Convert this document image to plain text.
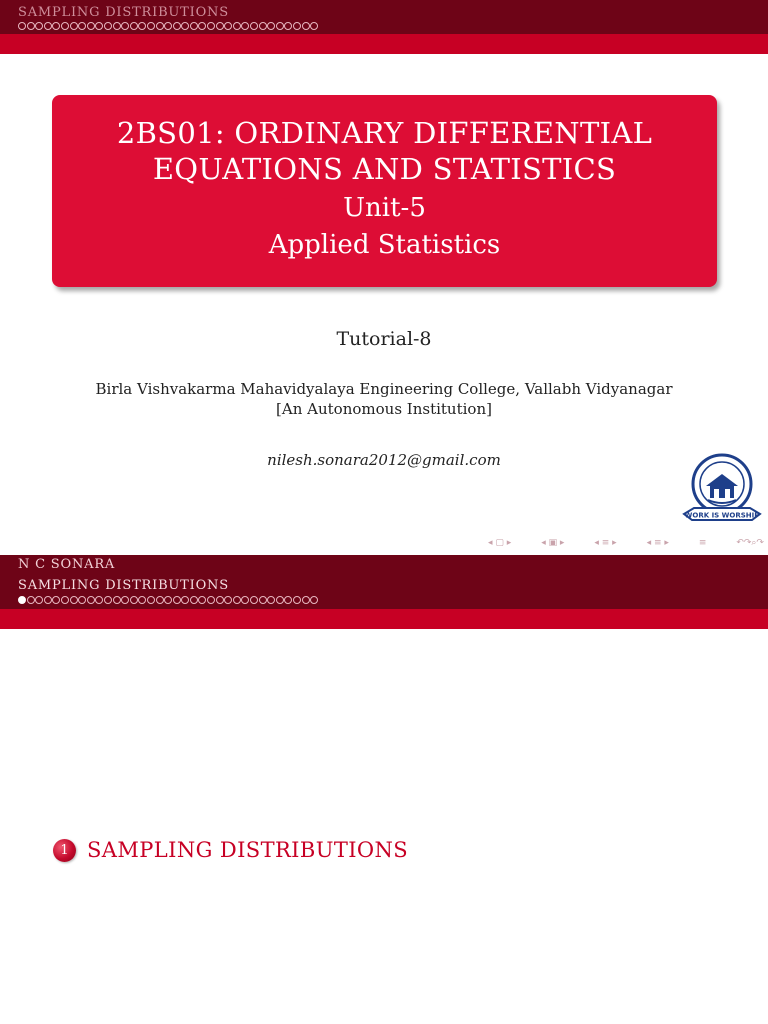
SAMPLING DISTRIBUTIONS
2BS01: ORDINARY DIFFERENTIAL
EQUATIONS AND STATISTICS
Unit-5
Applied Statistics
Tutorial-8
Birla Vishvakarma Mahavidyalaya Engineering College, Vallabh Vidyanagar
[An Autonomous Institution]
nilesh.sonara2012@gmail.com
WORK IS WORSHIP
◂ ▢ ▸	◂ ▣ ▸	◂ ≡ ▸	◂ ≡ ▸	≡	↶↷⌕↷
N C SONARA
SAMPLING DISTRIBUTIONS
1 SAMPLING DISTRIBUTIONS
